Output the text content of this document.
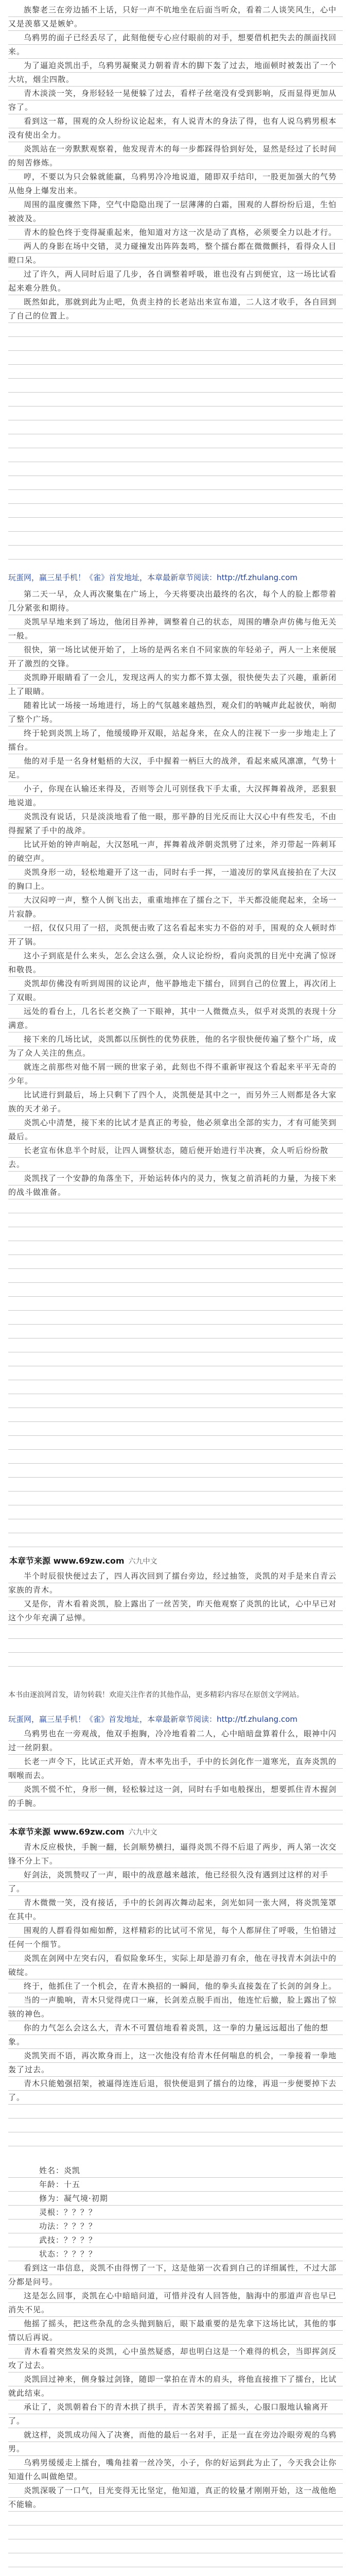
族黎老三在旁边插不上话，只好一声不吭地坐在后面当听众，看着二人谈笑风生，心中又是羡慕又是嫉妒。

乌鸦男的面子已经丢尽了，此刻他便专心应付眼前的对手，想要借机把失去的颜面找回来。

为了逼迫炎凯出手，乌鸦男凝聚灵力朝着青木的脚下轰了过去，地面顿时被轰出了一个大坑，烟尘四散。

青木淡淡一笑，身形轻轻一晃便躲了过去，看样子丝毫没有受到影响，反而显得更加从容了。

看到这一幕，围观的众人纷纷议论起来，有人说青木的身法了得，也有人说乌鸦男根本没有使出全力。

炎凯站在一旁默默观察着，他发现青木的每一步都踩得恰到好处，显然是经过了长时间的刻苦修炼。

哼，不要以为只会躲就能赢，乌鸦男冷冷地说道，随即双手结印，一股更加强大的气势从他身上爆发出来。

周围的温度骤然下降，空气中隐隐出现了一层薄薄的白霜，围观的人群纷纷后退，生怕被波及。

青木的脸色终于变得凝重起来，他知道对方这一次是动了真格，必须要全力以赴才行。

两人的身影在场中交错，灵力碰撞发出阵阵轰鸣，整个擂台都在微微颤抖，看得众人目瞪口呆。

过了许久，两人同时后退了几步，各自调整着呼吸，谁也没有占到便宜，这一场比试看起来难分胜负。

既然如此，那就到此为止吧，负责主持的长老站出来宣布道，二人这才收手，各自回到了自己的位置上。

玩蛋网，赢三星手机！《雀》首发地址，本章最新章节阅读：http://tf.zhulang.com

第二天一早，众人再次聚集在广场上，今天将要决出最终的名次，每个人的脸上都带着几分紧张和期待。

炎凯早早地来到了场边，他闭目养神，调整着自己的状态，周围的嘈杂声仿佛与他无关一般。

很快，第一场比试便开始了，上场的是两名来自不同家族的年轻弟子，两人一上来便展开了激烈的交锋。

炎凯睁开眼睛看了一会儿，发现这两人的实力都不算太强，很快便失去了兴趣，重新闭上了眼睛。

随着比试一场接一场地进行，场上的气氛越来越热烈，观众们的呐喊声此起彼伏，响彻了整个广场。

终于轮到炎凯上场了，他缓缓睁开双眼，站起身来，在众人的注视下一步一步地走上了擂台。

他的对手是一名身材魁梧的大汉，手中握着一柄巨大的战斧，看起来威风凛凛，气势十足。

小子，你现在认输还来得及，否则等会儿可别怪我下手太重，大汉挥舞着战斧，恶狠狠地说道。

炎凯没有说话，只是淡淡地看了他一眼，那平静的目光反而让大汉心中有些发毛，不由得握紧了手中的战斧。

比试开始的钟声响起，大汉怒吼一声，挥舞着战斧朝炎凯劈了过来，斧刃带起一阵刺耳的破空声。

炎凯身形一动，轻松地避开了这一击，同时右手一挥，一道凌厉的掌风直接拍在了大汉的胸口上。

大汉闷哼一声，整个人倒飞出去，重重地摔在了擂台之下，半天都没能爬起来，全场一片寂静。

一招，仅仅只用了一招，炎凯便击败了这名看起来实力不俗的对手，围观的众人顿时炸开了锅。

这小子到底是什么来头，怎么会这么强，众人议论纷纷，看向炎凯的目光中充满了惊讶和敬畏。

炎凯却仿佛没有听到周围的议论声，他平静地走下擂台，回到自己的位置上，再次闭上了双眼。

远处的看台上，几名长老交换了一下眼神，其中一人微微点头，似乎对炎凯的表现十分满意。

接下来的几场比试，炎凯都以压倒性的优势获胜，他的名字很快便传遍了整个广场，成为了众人关注的焦点。

就连之前那些对他不屑一顾的世家子弟，此刻也不得不重新审视这个看起来平平无奇的少年。

比试进行到最后，场上只剩下了四个人，炎凯便是其中之一，而另外三人则都是各大家族的天才弟子。

炎凯心中清楚，接下来的比试才是真正的考验，他必须拿出全部的实力，才有可能笑到最后。

长老宣布休息半个时辰，让四人调整状态，随后便开始进行半决赛，众人听后纷纷散去。

炎凯找了一个安静的角落坐下，开始运转体内的灵力，恢复之前消耗的力量，为接下来的战斗做准备。

本章节来源 www.69zw.com 六九中文

半个时辰很快便过去了，四人再次回到了擂台旁边，经过抽签，炎凯的对手是来自青云家族的青木。

又是你，青木看着炎凯，脸上露出了一丝苦笑，昨天他观察了炎凯的比试，心中早已对这个少年充满了忌惮。

本书由逐浪网首发，请勿转载！欢迎关注作者的其他作品，更多精彩内容尽在原创文学网站。
玩蛋网，赢三星手机！《雀》首发地址，本章最新章节阅读：http://tf.zhulang.com

乌鸦男也在一旁观战，他双手抱胸，冷冷地看着二人，心中暗暗盘算着什么，眼神中闪过一丝阴狠。

长老一声令下，比试正式开始，青木率先出手，手中的长剑化作一道寒光，直奔炎凯的咽喉而去。

炎凯不慌不忙，身形一侧，轻松躲过这一剑，同时右手如电般探出，想要抓住青木握剑的手腕。

本章节来源 www.69zw.com 六九中文

青木反应极快，手腕一翻，长剑顺势横扫，逼得炎凯不得不后退了两步，两人第一次交锋不分上下。

好剑法，炎凯赞叹了一声，眼中的战意越来越浓，他已经很久没有遇到过这样的对手了。

青木微微一笑，没有接话，手中的长剑再次舞动起来，剑光如同一张大网，将炎凯笼罩在其中。

围观的人群看得如痴如醉，这样精彩的比试可不常见，每个人都屏住了呼吸，生怕错过任何一个细节。

炎凯在剑网中左突右闪，看似险象环生，实际上却是游刃有余，他在寻找青木剑法中的破绽。

终于，他抓住了一个机会，在青木换招的一瞬间，他的拳头直接轰在了长剑的剑身上。

当的一声脆响，青木只觉得虎口一麻，长剑差点脱手而出，他连忙后撤，脸上露出了惊骇的神色。

你的力气怎么会这么大，青木不可置信地看着炎凯，这一拳的力量远远超出了他的想象。

炎凯笑而不语，再次欺身而上，这一次他没有给青木任何喘息的机会，一拳接着一拳地轰了过去。

青木只能勉强招架，被逼得连连后退，很快便退到了擂台的边缘，再退一步便要掉下去了。

姓名：炎凯

年龄：十五

修为：凝气境·初期

灵根：？？？？

功法：？？？？

武技：？？？？

状态：？？？？

看到这一串信息，炎凯不由得愣了一下，这是他第一次看到自己的详细属性，不过大部分都是问号。

这是怎么回事，炎凯在心中暗暗问道，可惜并没有人回答他，脑海中的那道声音也早已消失不见。

他摇了摇头，把这些杂乱的念头抛到脑后，眼下最重要的是先拿下这场比试，其他的事情以后再说。

青木看着突然发呆的炎凯，心中虽然疑惑，却也明白这是一个难得的机会，当即挥剑反攻了过去。

炎凯回过神来，侧身躲过剑锋，随即一掌拍在青木的肩头，将他直接推下了擂台，比试就此结束。

承让了，炎凯朝着台下的青木拱了拱手，青木苦笑着摇了摇头，心服口服地认输离开了。

就这样，炎凯成功闯入了决赛，而他的最后一名对手，正是一直在旁边冷眼旁观的乌鸦男。

乌鸦男缓缓走上擂台，嘴角挂着一丝冷笑，小子，你的好运到此为止了，今天我会让你知道什么叫做绝望。

炎凯深吸了一口气，目光变得无比坚定，他知道，真正的较量才刚刚开始，这一战他绝不能输。
